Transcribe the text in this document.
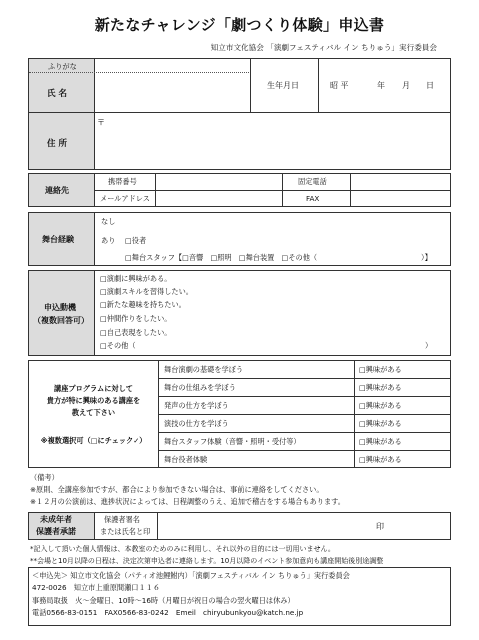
新たなチャレンジ「劇つくり体験」申込書
知立市文化協会 「演劇フェスティバル イン ちりゅう」実行委員会
ふりがな
氏 名
生年月日	昭 平	年 月 日
住 所
〒
連絡先
携帯番号	固定電話
メールアドレス	FAX
舞台経験
なし
あり □役者
□舞台スタッフ【□音響　□照明　□舞台装置　□その他（	）】
申込動機
（複数回答可）
□演劇に興味がある。
□演劇スキルを習得したい。
□新たな趣味を持ちたい。
□仲間作りをしたい。
□自己表現をしたい。
□その他（	）
講座プログラムに対して
貴方が特に興味のある講座を
教えて下さい
※複数選択可（□にチェック✓）
舞台演劇の基礎を学ぼう	□興味がある
舞台の仕組みを学ぼう	□興味がある
発声の仕方を学ぼう	□興味がある
演技の仕方を学ぼう	□興味がある
舞台スタッフ体験（音響・照明・受付等）	□興味がある
舞台役者体験	□興味がある
（備考）
※原則、全講座参加ですが、都合により参加できない場合は、事前に連絡をしてください。
※１２月の公演前は、進捗状況によっては、日程調整のうえ、追加で稽古をする場合もあります。
未成年者
保護者承諾
保護者署名
または氏名と印
印
*記入して頂いた個人情報は、本教室のためのみに利用し、それ以外の目的には一切用いません。
**会場と10月以降の日程は、決定次第申込者に連絡します。10月以降のイベント参加意向も講座開始後別途調整
＜申込先＞ 知立市文化協会（パティオ池鯉鮒内）「演劇フェスティバル イン ちりゅう」実行委員会
472-0026　知立市上重原間瀬口１１６
事務局取扱　火～金曜日、10時～16時（月曜日が祝日の場合の翌火曜日は休み）
電話0566-83-0151　FAX0566-83-0242　Emeil　chiryubunkyou@katch.ne.jp
